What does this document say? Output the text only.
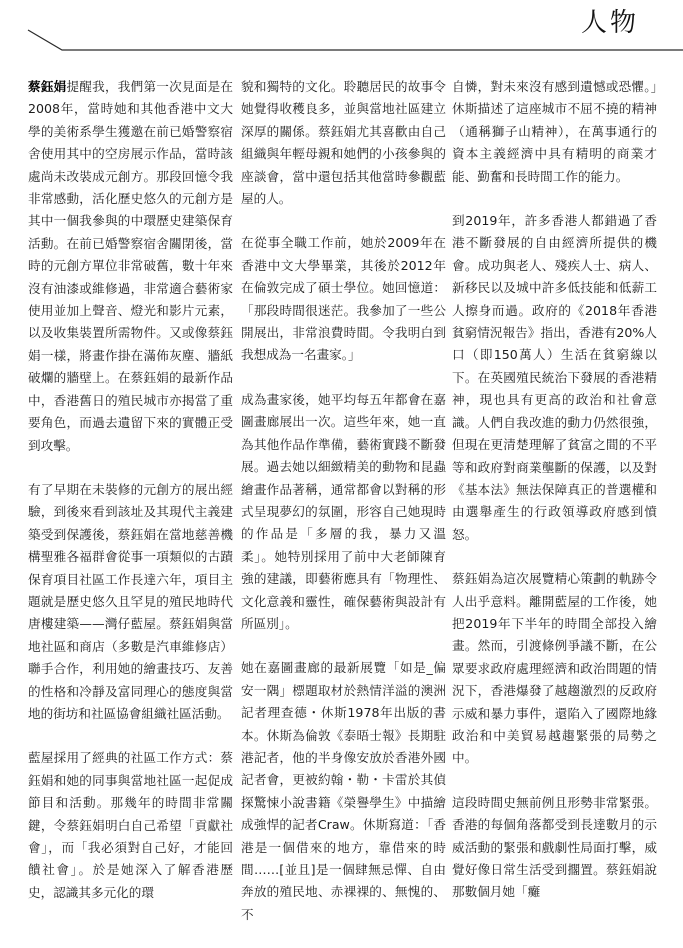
人物

蔡鈺娟提醒我，我們第一次見面是在2008年，當時她和其他香港中文大學的美術系學生獲邀在前已婚警察宿舍使用其中的空房展示作品，當時該處尚未改裝成元創方。那段回憶令我非常感動，活化歷史悠久的元創方是其中一個我參與的中環歷史建築保育活動。在前已婚警察宿舍關閉後，當時的元創方單位非常破舊，數十年來沒有油漆或維修過，非常適合藝術家使用並加上聲音、燈光和影片元素，以及收集裝置所需物件。又或像蔡鈺娟一樣，將畫作掛在滿佈灰塵、牆紙破爛的牆壁上。在蔡鈺娟的最新作品中，香港舊日的殖民城市亦揭當了重要角色，而過去遺留下來的實體正受到攻擊。

有了早期在未裝修的元創方的展出經驗，到後來看到該址及其現代主義建築受到保護後，蔡鈺娟在當地慈善機構聖雅各福群會從事一項類似的古蹟保育項目社區工作長達六年，項目主題就是歷史悠久且罕見的殖民地時代唐樓建築——灣仔藍屋。蔡鈺娟與當地社區和商店（多數是汽車維修店）聯手合作，利用她的繪畫技巧、友善的性格和冷靜及富同理心的態度與當地的街坊和社區協會組織社區活動。

藍屋採用了經典的社區工作方式：蔡鈺娟和她的同事與當地社區一起促成節目和活動。那幾年的時間非常關鍵，令蔡鈺娟明白自己希望「貢獻社會」，而「我必須對自己好，才能回饋社會」。於是她深入了解香港歷史，認識其多元化的環

貌和獨特的文化。聆聽居民的故事令她覺得收穫良多，並與當地社區建立深厚的關係。蔡鈺娟尤其喜歡由自己組織與年輕母親和她們的小孩參與的座談會，當中還包括其他當時參觀藍屋的人。

在從事全職工作前，她於2009年在香港中文大學畢業，其後於2012年在倫敦完成了碩士學位。她回憶道：「那段時間很迷茫。我參加了一些公開展出，非常浪費時間。令我明白到我想成為一名畫家。」

成為畫家後，她平均每五年都會在嘉圖畫廊展出一次。這些年來，她一直為其他作品作準備，藝術實踐不斷發展。過去她以細緻精美的動物和昆蟲繪畫作品著稱，通常都會以對稱的形式呈現夢幻的氛圍，形容自己她現時的作品是「多層的我，暴力又溫柔」。她特別採用了前中大老師陳育強的建議，即藝術應具有「物理性、文化意義和靈性，確保藝術與設計有所區別」。

她在嘉圖畫廊的最新展覽「如是_偏安一隅」標題取材於熱情洋溢的澳洲記者理查德・休斯1978年出版的書本。休斯為倫敦《泰晤士報》長期駐港記者，他的半身像安放於香港外國記者會，更被約翰・勒・卡雷於其偵探驚悚小說書籍《榮譽學生》中描繪成強悍的記者Craw。休斯寫道：「香港是一個借來的地方，靠借來的時間……[並且]是一個肆無忌憚、自由奔放的殖民地、赤裸裸的、無愧的、不

自憐，對未來沒有感到遺憾或恐懼。」休斯描述了這座城市不屈不撓的精神（通稱獅子山精神），在萬事通行的資本主義經濟中具有精明的商業才能、勤奮和長時間工作的能力。

到2019年，許多香港人都錯過了香港不斷發展的自由經濟所提供的機會。成功與老人、殘疾人士、病人、新移民以及城中許多低技能和低薪工人擦身而過。政府的《2018年香港貧窮情況報告》指出，香港有20%人口（即150萬人）生活在貧窮線以下。在英國殖民統治下發展的香港精神，現也具有更高的政治和社會意識。人們自我改進的動力仍然很強，但現在更清楚理解了貧富之間的不平等和政府對商業壟斷的保護，以及對《基本法》無法保障真正的普選權和由選舉產生的行政領導政府感到憤怒。

蔡鈺娟為這次展覽精心策劃的軌跡令人出乎意料。離開藍屋的工作後，她把2019年下半年的時間全部投入繪畫。然而，引渡條例爭議不斷，在公眾要求政府處理經濟和政治問題的情況下，香港爆發了越趨激烈的反政府示威和暴力事件，還陷入了國際地緣政治和中美貿易越趨緊張的局勢之中。

這段時間史無前例且形勢非常緊張。香港的每個角落都受到長達數月的示威活動的緊張和戲劇性局面打擊，威覺好像日常生活受到擱置。蔡鈺娟說那數個月她「癱
